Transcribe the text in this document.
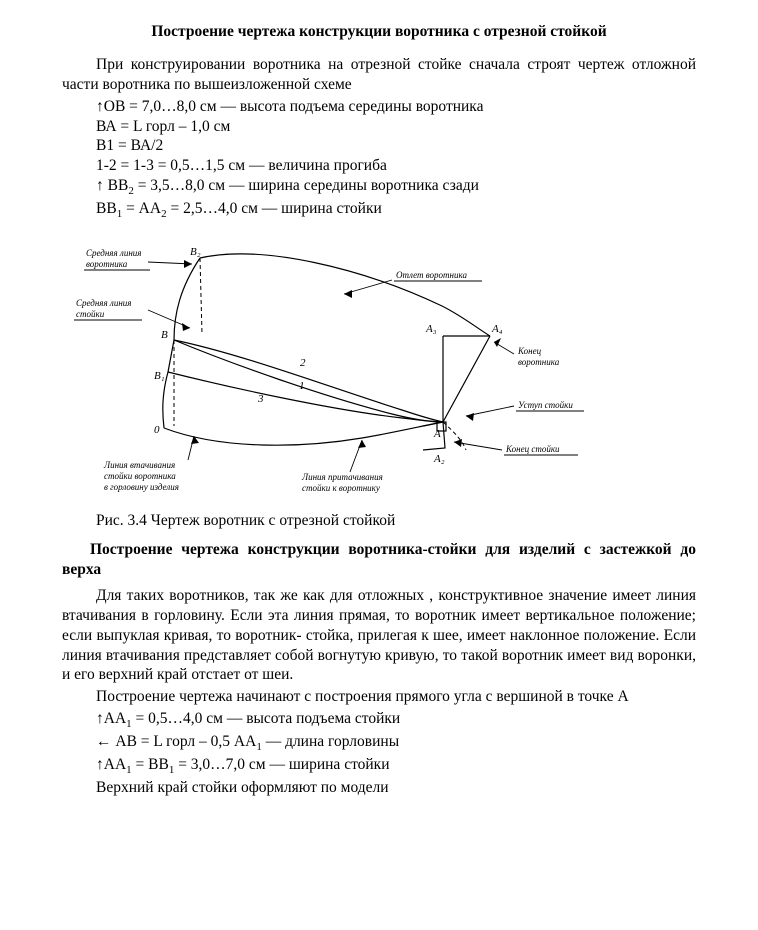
Построение чертежа конструкции воротника с отрезной стойкой

При конструировании воротника на отрезной стойке сначала строят чертеж отложной части воротника по вышеизложенной схеме

↑ОВ = 7,0…8,0 см — высота подъема середины воротника

ВА = L горл – 1,0 см

В1 = ВА/2

1-2 = 1-3 = 0,5…1,5 см — величина прогиба

↑ $ВВ_2$ = 3,5…8,0 см — ширина середины воротника сзади

$ВВ_1 = АА_2$ = 2,5…4,0 см — ширина стойки

В₂
В
В₁
0	А
А₂
А₃	А₄
2
1
3
Средняя линия
воротника
Средняя линия
стойки
Отлет воротника
Конец
воротника
Уступ стойки
Конец стойки
Линия втачивания
стойки воротника
в горловину изделия
Линия притачивания
стойки к воротнику

Рис. 3.4 Чертеж воротник с отрезной стойкой

Построение чертежа конструкции воротника-стойки для изделий с застежкой до верха

Для таких воротников, так же как для отложных , конструктивное значение имеет линия втачивания в горловину. Если эта линия прямая, то воротник имеет вертикальное положение; если выпуклая кривая, то воротник- стойка, прилегая к шее, имеет наклонное положение. Если линия втачивания представляет собой вогнутую кривую, то такой воротник имеет вид воронки, и его верхний край отстает от шеи.

Построение чертежа начинают с построения прямого угла с вершиной в точке А

$↑АА_1$ = 0,5…4,0 см — высота подъема стойки

← АВ = L горл – 0,5 $АА_1$ — длина горловины

$↑АА_1 = ВВ_1$ = 3,0…7,0 см — ширина стойки

Верхний край стойки оформляют по модели
